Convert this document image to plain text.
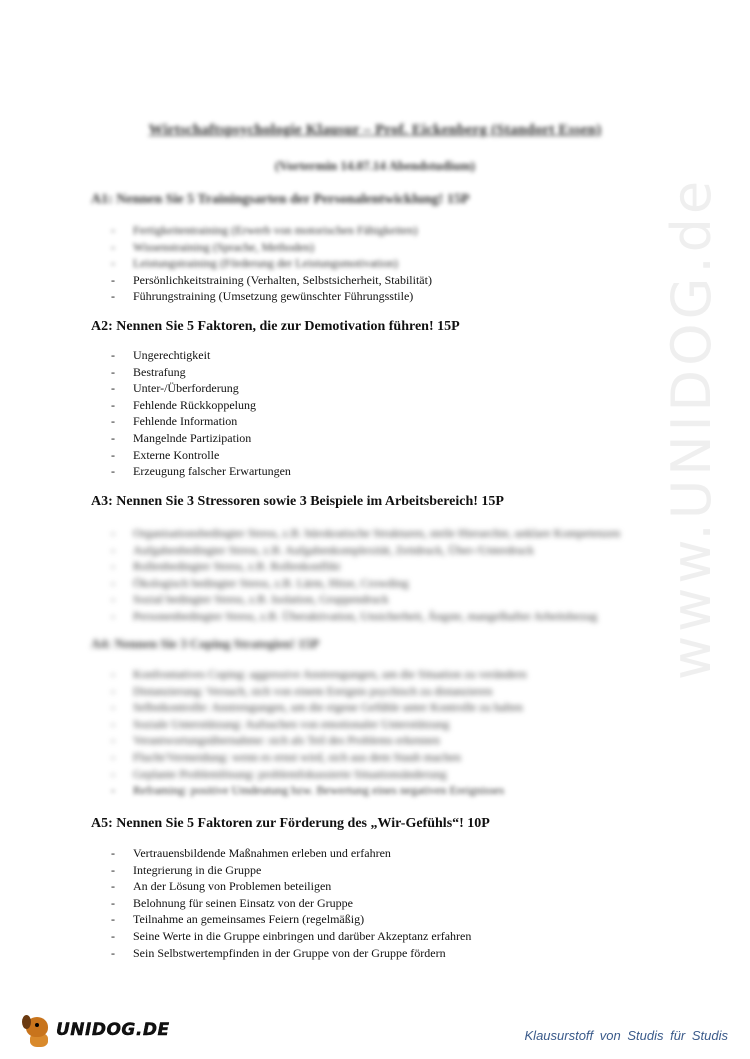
www.UNIDOG.de
Wirtschaftspsychologie Klausur – Prof. Eickenberg (Standort Essen)
(Vortermin 14.07.14 Abendstudium)
A1: Nennen Sie 5 Trainingsarten der Personalentwicklung! 15P
-	Fertigkeitentraining (Erwerb von motorischen Fähigkeiten)
-	Wissenstraining (Sprache, Methoden)
-	Leistungstraining (Förderung der Leistungsmotivation)
-	Persönlichkeitstraining (Verhalten, Selbstsicherheit, Stabilität)
-	Führungstraining (Umsetzung gewünschter Führungsstile)
A2: Nennen Sie 5 Faktoren, die zur Demotivation führen! 15P
-	Ungerechtigkeit
-	Bestrafung
-	Unter-/Überforderung
-	Fehlende Rückkoppelung
-	Fehlende Information
-	Mangelnde Partizipation
-	Externe Kontrolle
-	Erzeugung falscher Erwartungen
A3: Nennen Sie 3 Stressoren sowie 3 Beispiele im Arbeitsbereich! 15P
-	Organisationsbedingter Stress, z.B. bürokratische Strukturen, steile Hierarchie, unklare Kompetenzen
-	Aufgabenbedingter Stress, z.B. Aufgabenkomplexität, Zeitdruck, Über-/Unterdruck
-	Rollenbedingter Stress, z.B. Rollenkonflikt
-	Ökologisch bedingter Stress, z.B. Lärm, Hitze, Crowding
-	Sozial bedingter Stress, z.B. Isolation, Gruppendruck
-	Personenbedingter Stress, z.B. Überaktivation, Unsicherheit, Ängste, mangelhafter Arbeitsbezug
A4: Nennen Sie 3 Coping Strategien! 15P
-	Konfrontatives Coping: aggressive Anstrengungen, um die Situation zu verändern
-	Distanzierung: Versuch, sich von einem Ereignis psychisch zu distanzieren
-	Selbstkontrolle: Anstrengungen, um die eigene Gefühle unter Kontrolle zu halten
-	Soziale Unterstützung: Aufsuchen von emotionaler Unterstützung
-	Verantwortungsübernahme: sich als Teil des Problems erkennen
-	Flucht/Vermeidung: wenn es ernst wird, sich aus dem Staub machen
-	Geplante Problemlösung: problemfokussierte Situationsänderung
-	Reframing: positive Umdeutung bzw. Bewertung eines negativen Ereignisses
A5: Nennen Sie 5 Faktoren zur Förderung des „Wir-Gefühls“! 10P
-	Vertrauensbildende Maßnahmen erleben und erfahren
-	Integrierung in die Gruppe
-	An der Lösung von Problemen beteiligen
-	Belohnung für seinen Einsatz von der Gruppe
-	Teilnahme an gemeinsames Feiern (regelmäßig)
-	Seine Werte in die Gruppe einbringen und darüber Akzeptanz erfahren
-	Sein Selbstwertempfinden in der Gruppe von der Gruppe fördern
UNIDOG.DE	Klausurstoff von Studis für Studis
